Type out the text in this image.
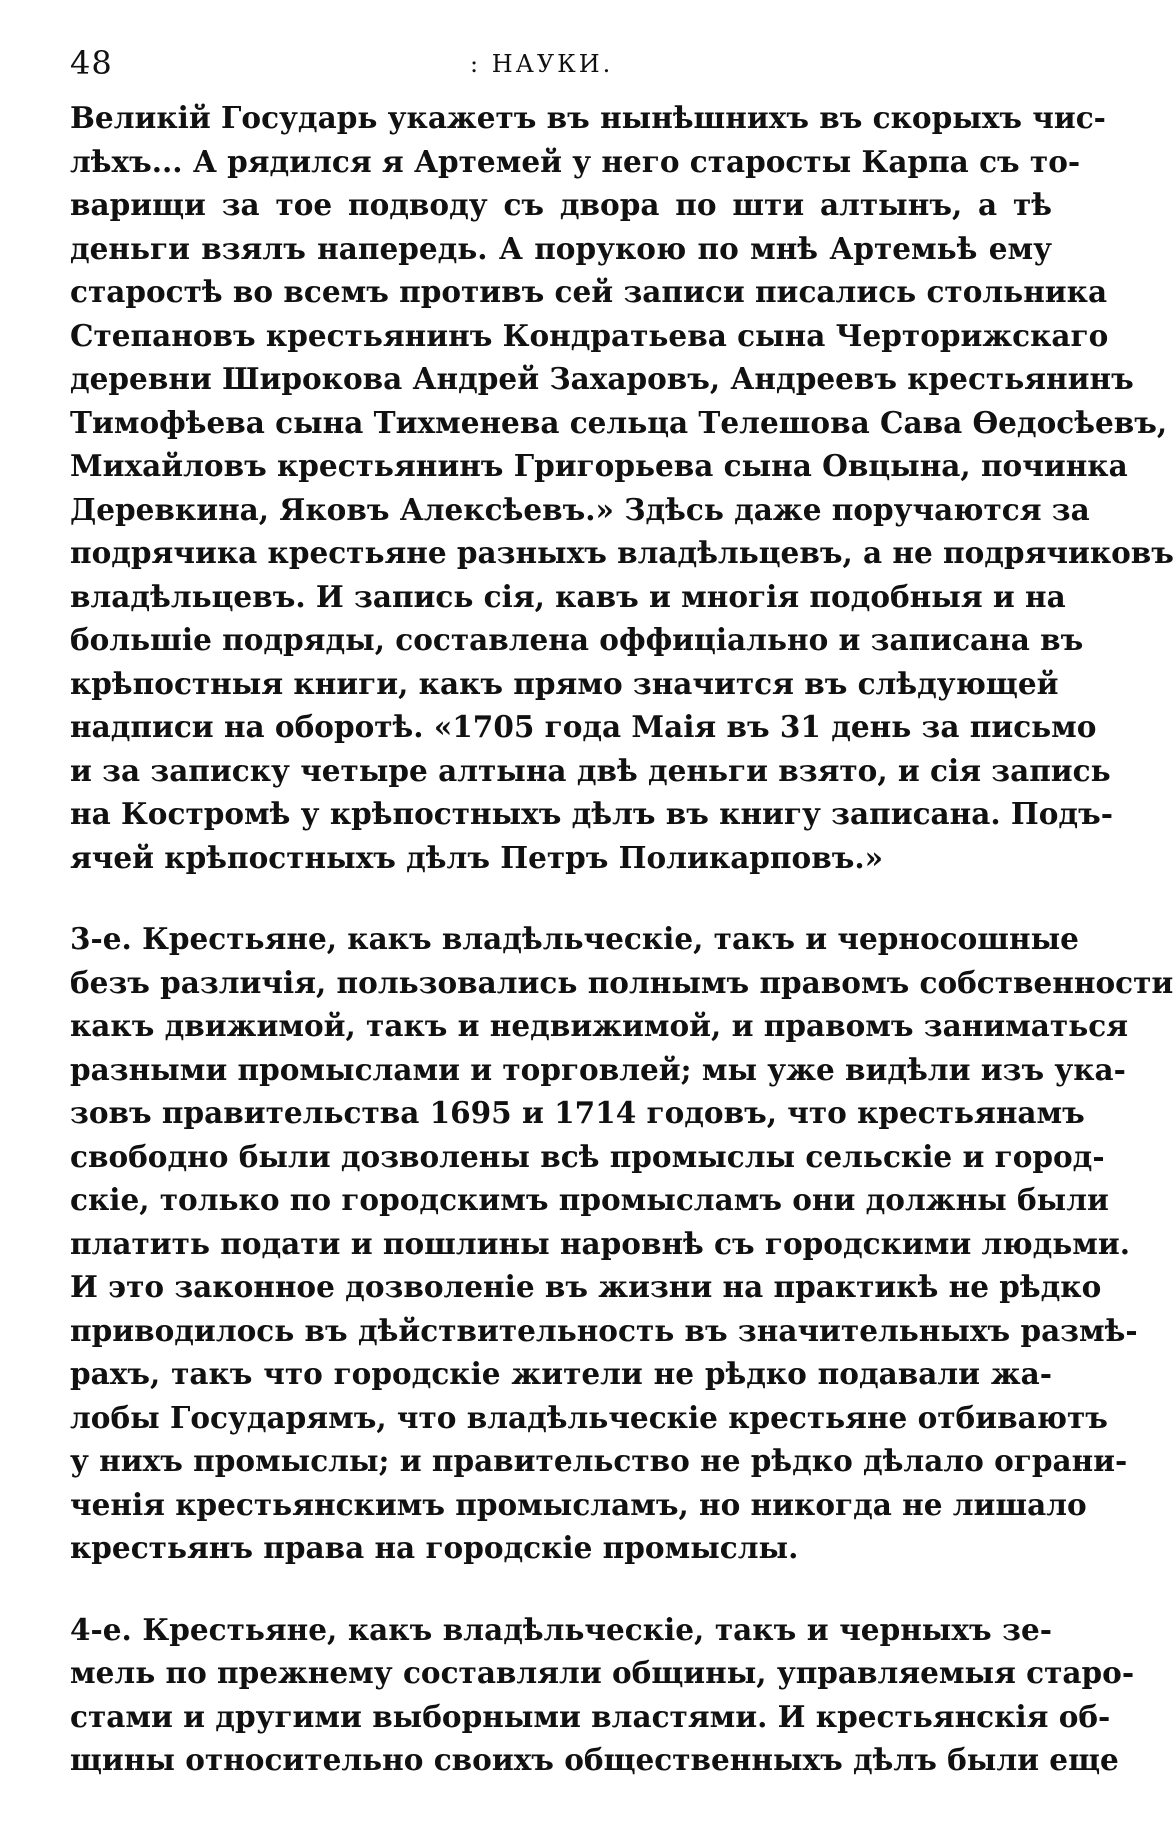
48	: НАУКИ.
Великій Государь укажетъ въ нынѣшнихъ въ скорыхъ чис-
лѣхъ... А рядился я Артемей у него старосты Карпа съ то-
варищи за тое подводу съ двора по шти алтынъ, а тѣ
деньги взялъ напередь. А порукою по мнѣ Артемьѣ ему
старостѣ во всемъ противъ сей записи писались стольника
Степановъ крестьянинъ Кондратьева сына Черторижскаго
деревни Широкова Андрей Захаровъ, Андреевъ крестьянинъ
Тимофѣева сына Тихменева сельца Телешова Сава Ѳедосѣевъ,
Михайловъ крестьянинъ Григорьева сына Овцына, починка
Деревкина, Яковъ Алексѣевъ.» Здѣсь даже поручаются за
подрячика крестьяне разныхъ владѣльцевъ, а не подрячиковъ
владѣльцевъ. И запись сія, кавъ и многія подобныя и на
большіе подряды, составлена оффиціально и записана въ
крѣпостныя книги, какъ прямо значится въ слѣдующей
надписи на оборотѣ. «1705 года Маія въ 31 день за письмо
и за записку четыре алтына двѣ деньги взято, и сія запись
на Костромѣ у крѣпостныхъ дѣлъ въ книгу записана. Подъ-
ячей крѣпостныхъ дѣлъ Петръ Поликарповъ.»
3-е. Крестьяне, какъ владѣльческіе, такъ и черносошные
безъ различія, пользовались полнымъ правомъ собственности
какъ движимой, такъ и недвижимой, и правомъ заниматься
разными промыслами и торговлей; мы уже видѣли изъ ука-
зовъ правительства 1695 и 1714 годовъ, что крестьянамъ
свободно были дозволены всѣ промыслы сельскіе и город-
скіе, только по городскимъ промысламъ они должны были
платить подати и пошлины наровнѣ съ городскими людьми.
И это законное дозволеніе въ жизни на практикѣ не рѣдко
приводилось въ дѣйствительность въ значительныхъ размѣ-
рахъ, такъ что городскіе жители не рѣдко подавали жа-
лобы Государямъ, что владѣльческіе крестьяне отбиваютъ
у нихъ промыслы; и правительство не рѣдко дѣлало ограни-
ченія крестьянскимъ промысламъ, но никогда не лишало
крестьянъ права на городскіе промыслы.
4-е. Крестьяне, какъ владѣльческіе, такъ и черныхъ зе-
мель по прежнему составляли общины, управляемыя старо-
стами и другими выборными властями. И крестьянскія об-
щины относительно своихъ общественныхъ дѣлъ были еще
